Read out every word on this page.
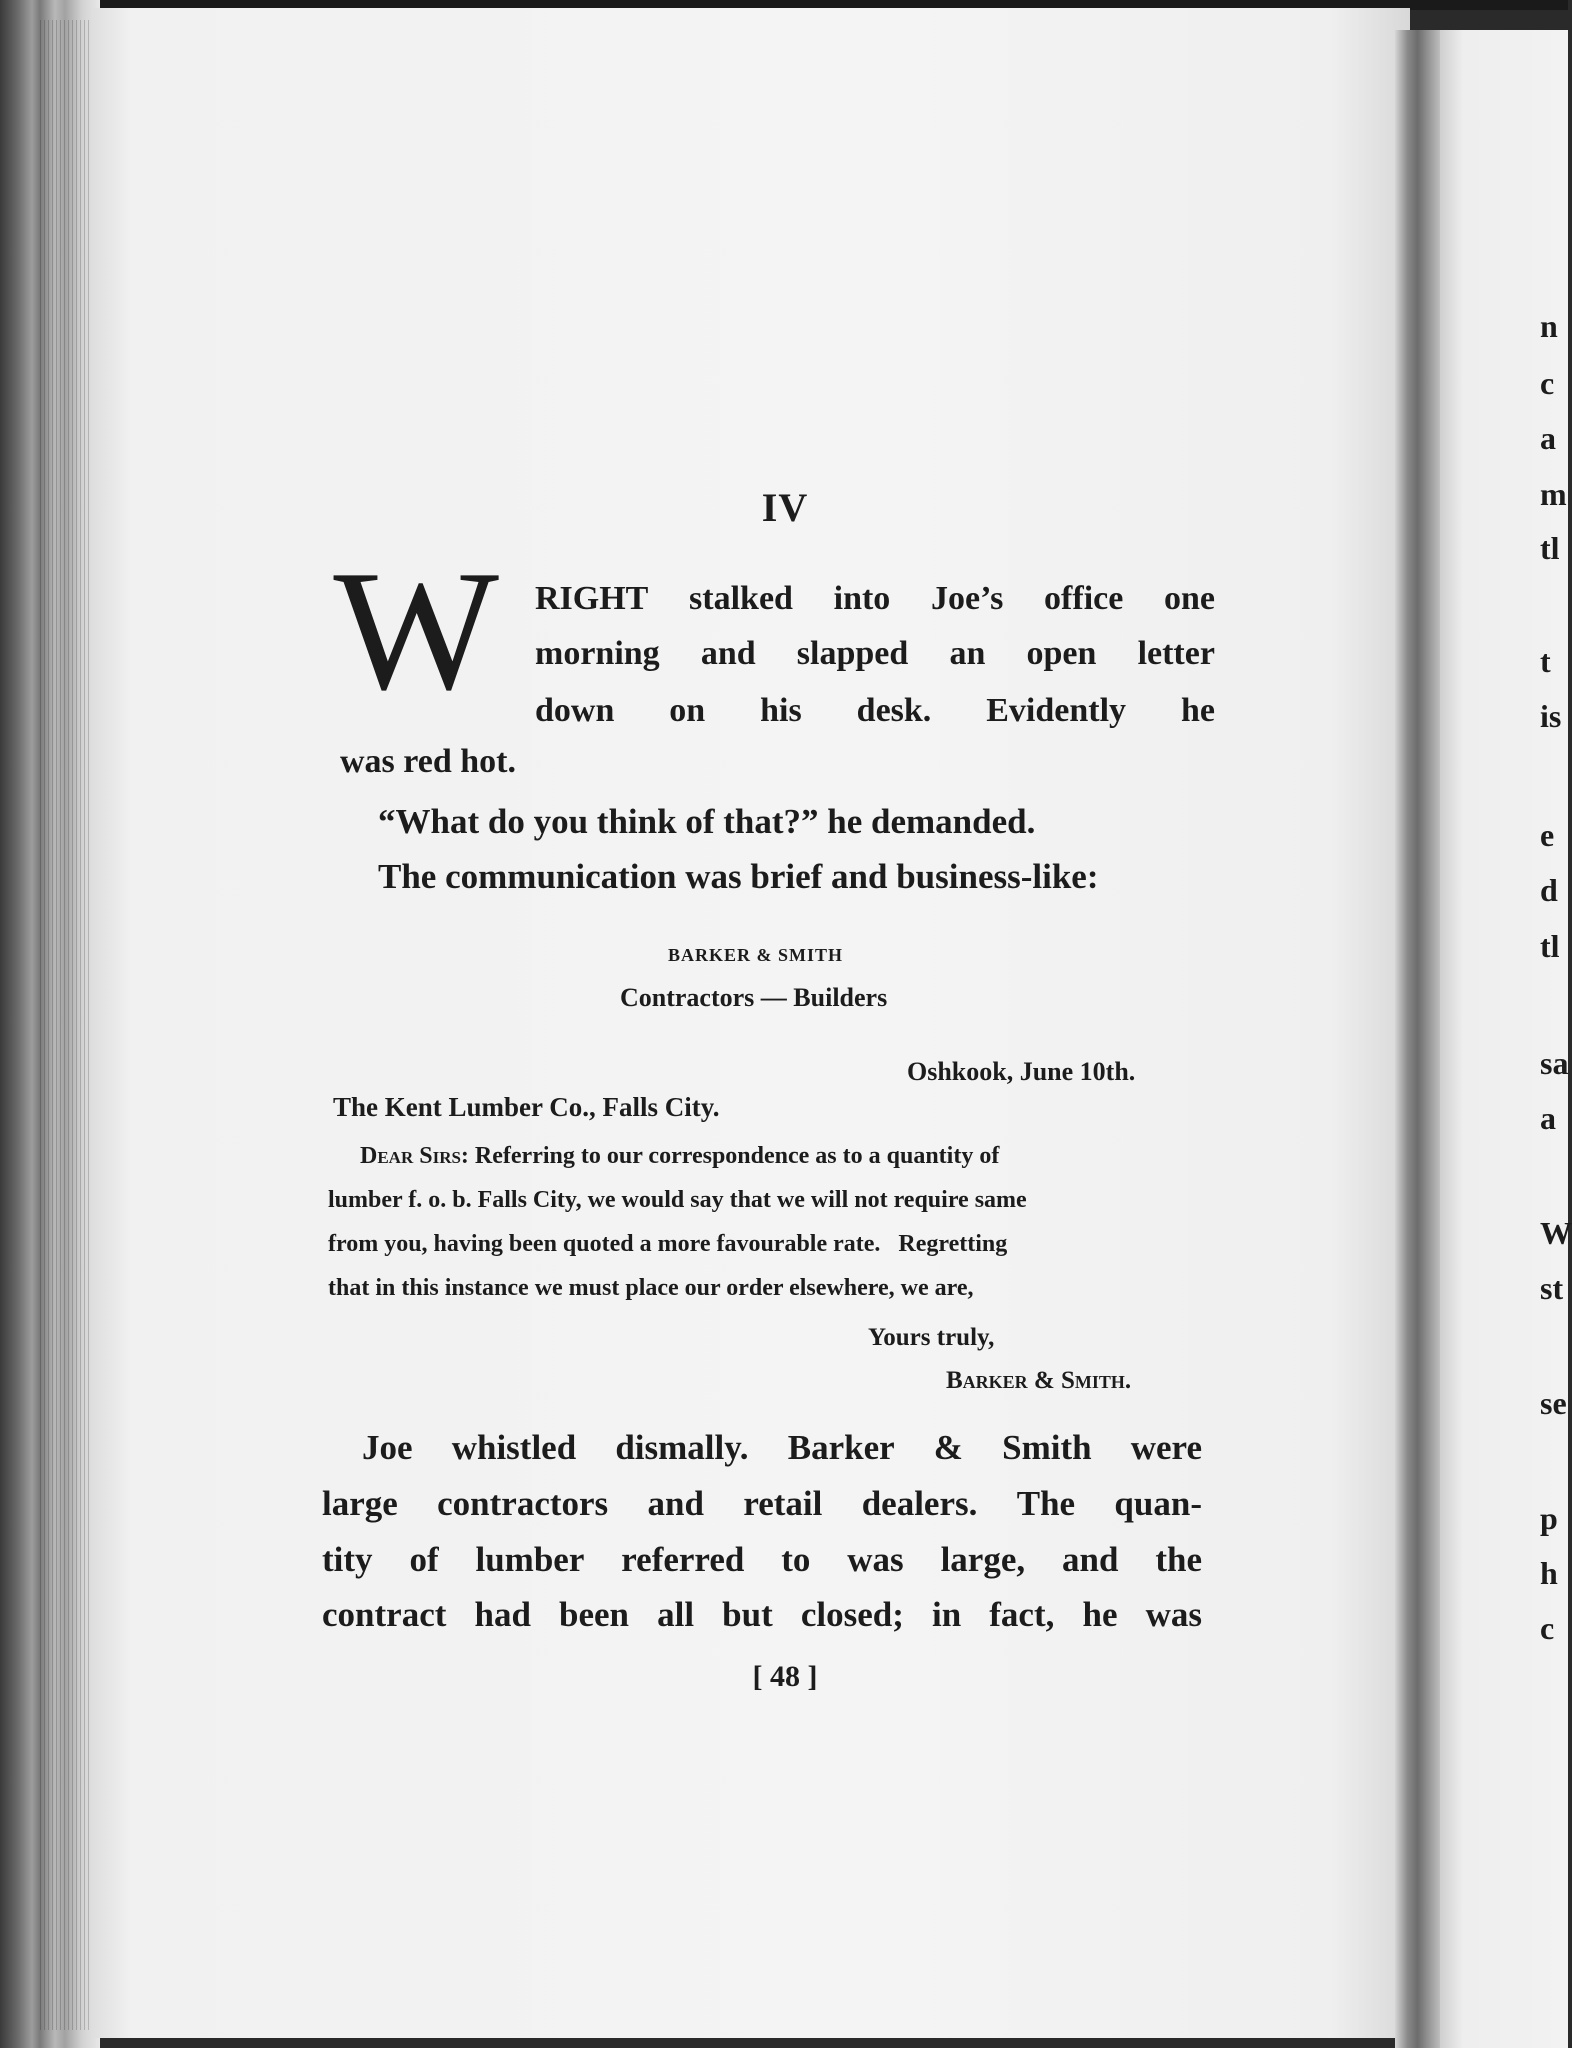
IV
W RIGHT stalked into Joe’s office one
morning and slapped an open letter
down on his desk. Evidently he
was red hot.
“What do you think of that?” he demanded.
The communication was brief and business-like:
BARKER & SMITH
Contractors — Builders
Oshkook, June 10th.
The Kent Lumber Co., Falls City.
Dear Sirs: Referring to our correspondence as to a quantity of
lumber f. o. b. Falls City, we would say that we will not require same
from you, having been quoted a more favourable rate.   Regretting
that in this instance we must place our order elsewhere, we are,
Yours truly,
Barker & Smith.
Joe whistled dismally. Barker & Smith were
large contractors and retail dealers. The quan-
tity of lumber referred to was large, and the
contract had been all but closed; in fact, he was
[ 48 ]
n
c
a
m
tl
t
is
e
d
tl
sa
a
W
st
se
p
h
c
